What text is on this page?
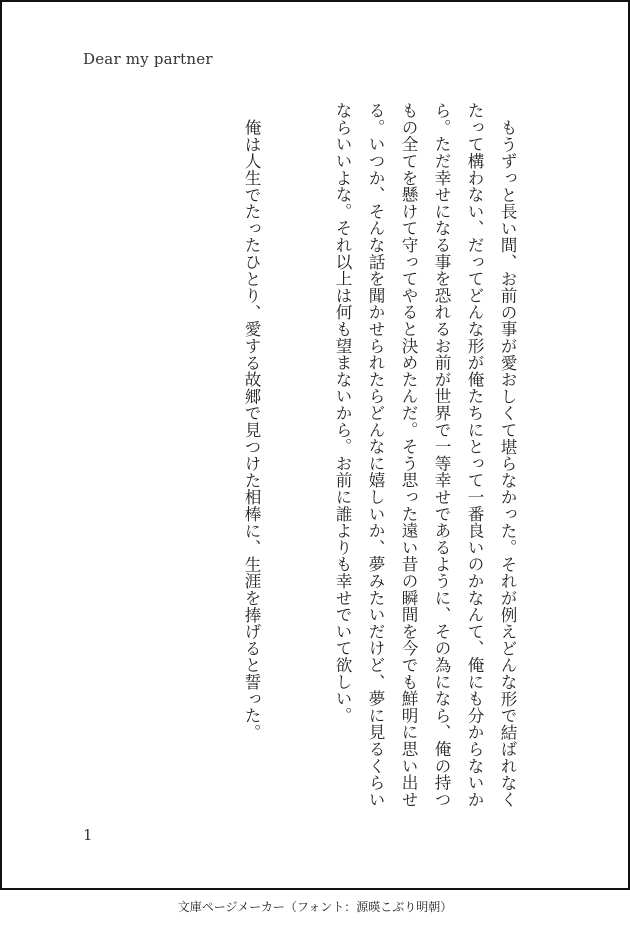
Dear my partner

もうずっと長い間、お前の事が愛おしくて堪らなかった。それが例えどんな形で結ばれなくたって構わない、だってどんな形が俺たちにとって一番良いのかなんて、俺にも分からないから。ただ幸せになる事を恐れるお前が世界で一等幸せであるように、その為になら、俺の持つもの全てを懸けて守ってやると決めたんだ。そう思った遠い昔の瞬間を今でも鮮明に思い出せる。いつか、そんな話を聞かせられたらどんなに嬉しいか、夢みたいだけど、夢に見るくらいならいいよな。それ以上は何も望まないから。お前に誰よりも幸せでいて欲しい。

俺は人生でたったひとり、愛する故郷で見つけた相棒に、生涯を捧げると誓った。

1
文庫ページメーカー（フォント：源暎こぶり明朝）
